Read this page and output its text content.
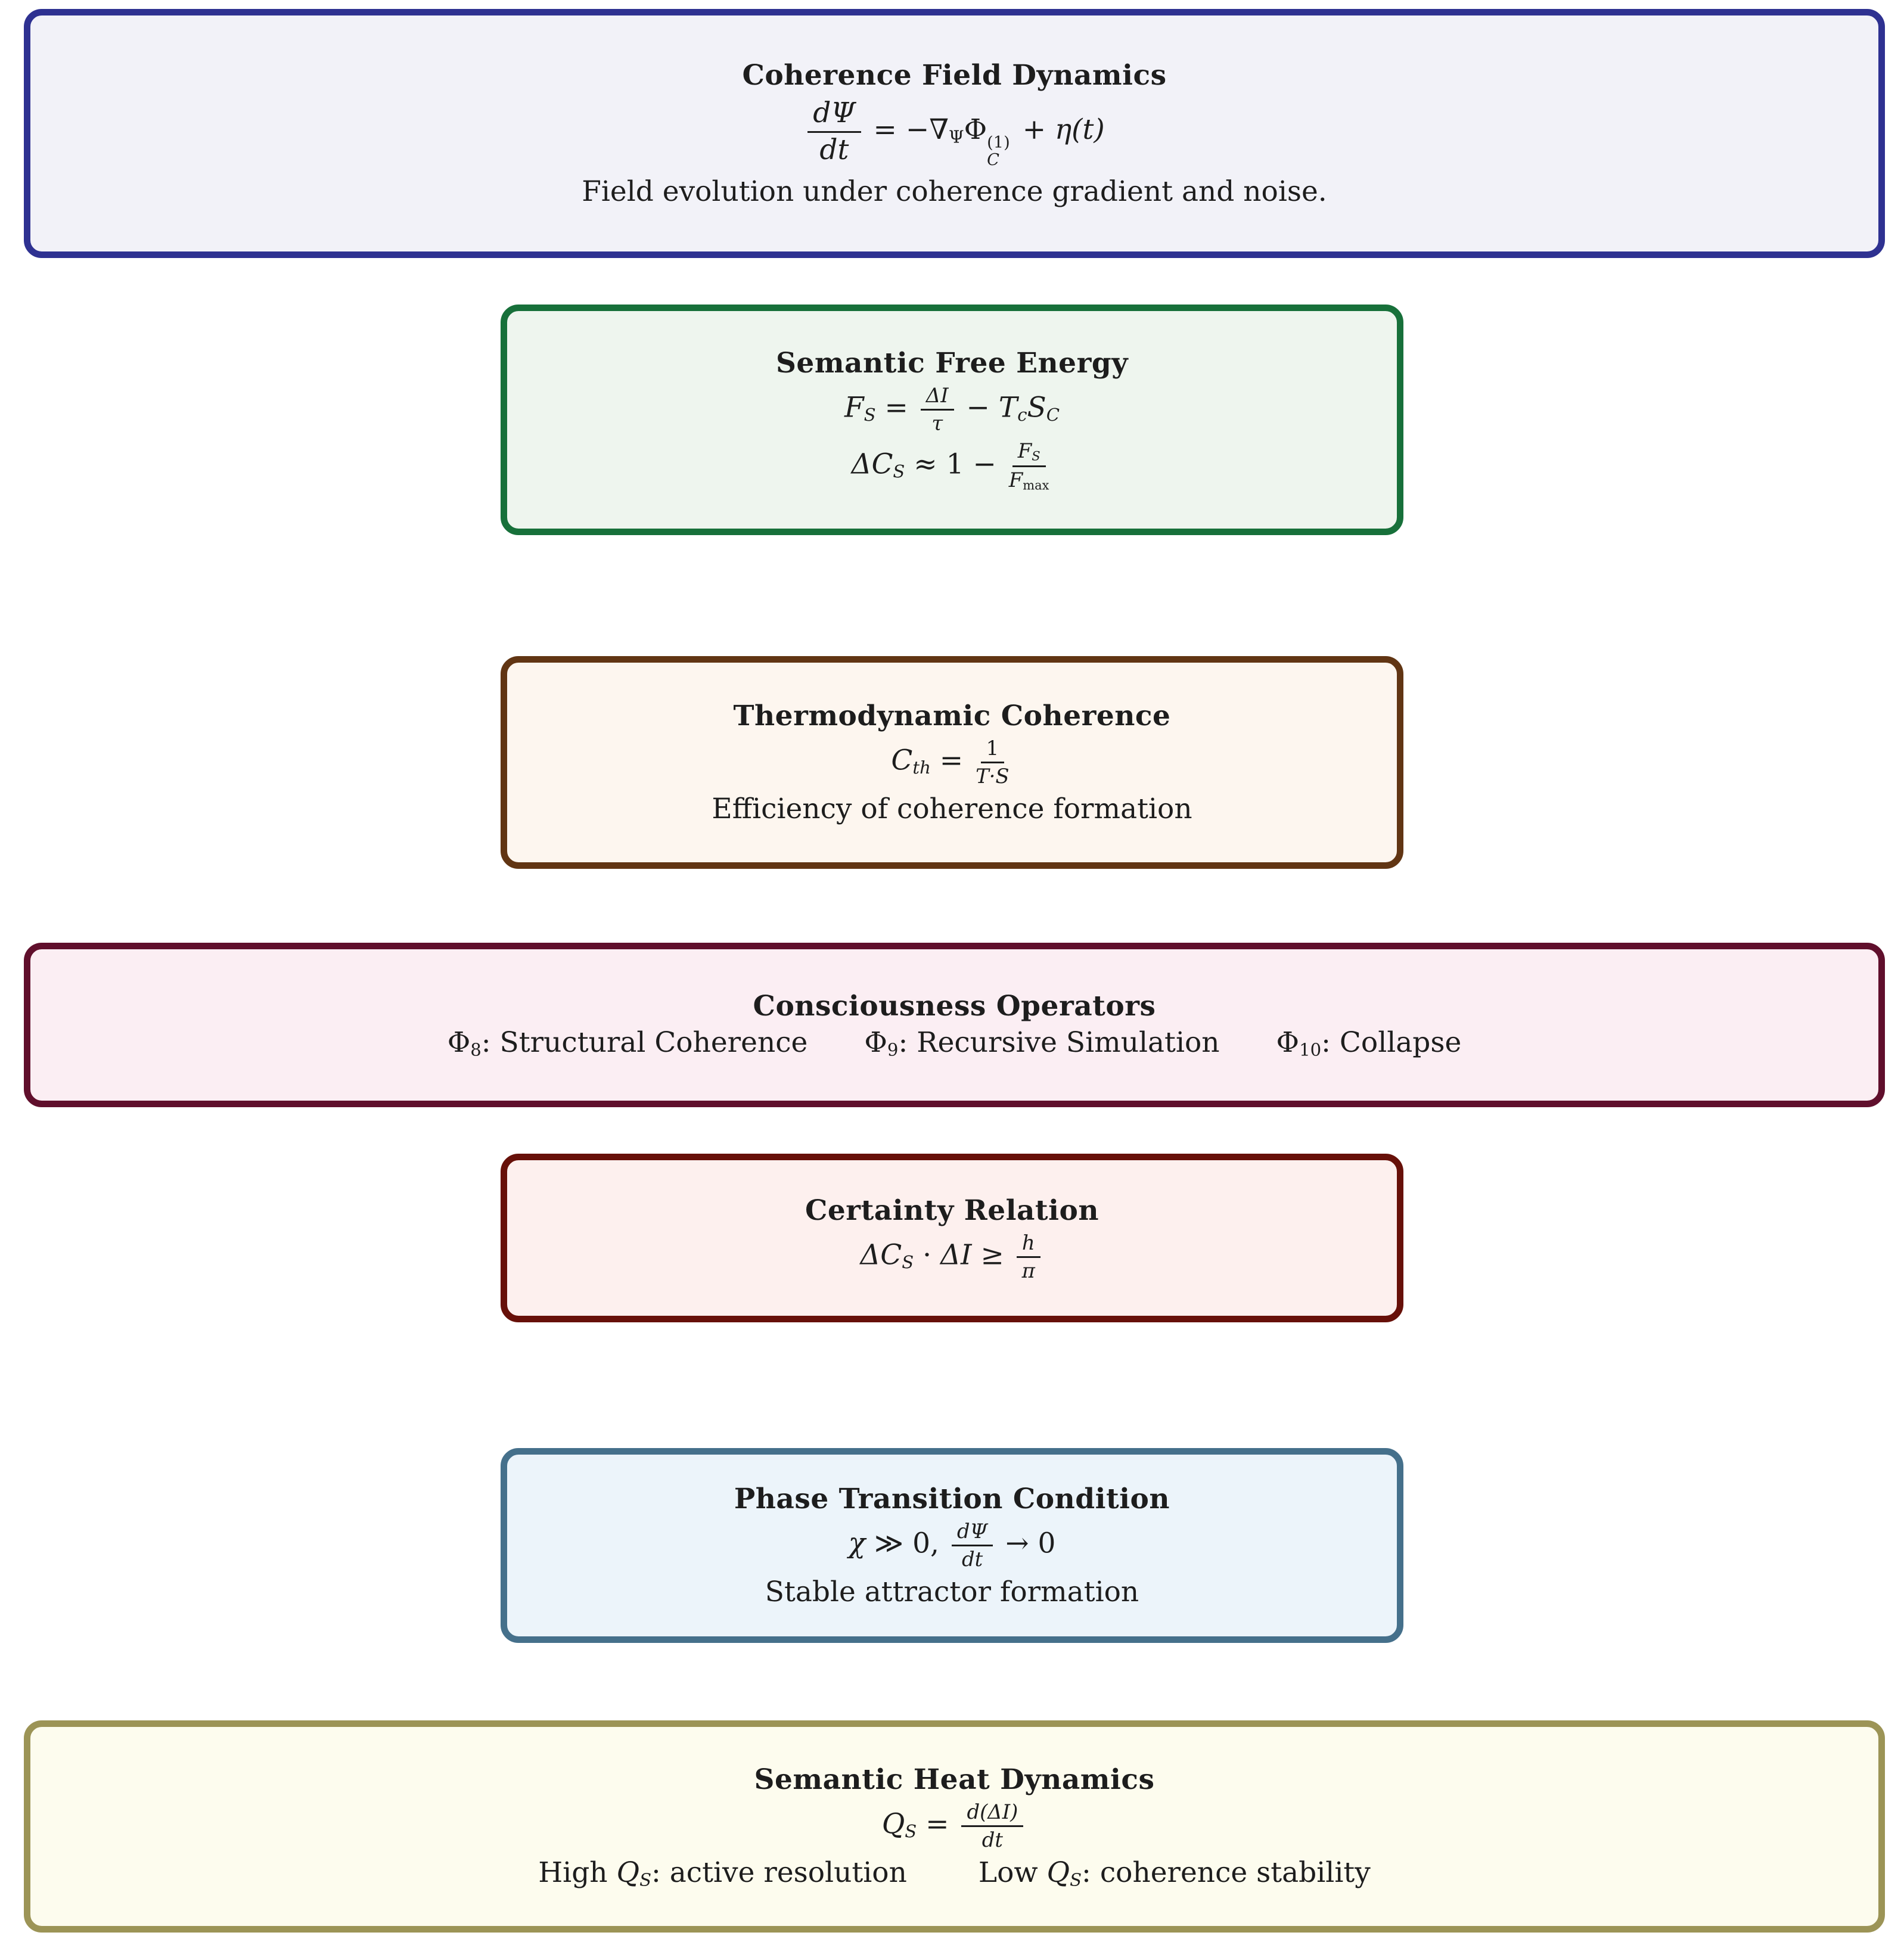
Coherence Field Dynamics
$\frac{d\Psi}{dt} = -\nabla\Psi\Phi$ (1)
C
+ η(t)

Field evolution under coherence gradient and noise.

Semantic Free Energy
FS = $\frac{\Delta I}{\tau}$ − TcSC
$\Delta CS \approx 1 - \frac{FS}{Fmax}$
Thermodynamic Coherence
Cth = $\frac{1}{T\cdot S}$

Efficiency of coherence formation

Consciousness Operators
Φ8: Structural Coherence Φ9: Recursive Simulation Φ10: Collapse
Certainty Relation
$\Delta CS \cdot \Delta I \ge \frac{h}{\pi}$
Phase Transition Condition
χ ≫ 0, $\frac{d\Psi}{dt} \to 0$

Stable attractor formation

Semantic Heat Dynamics
QS = $\frac{d(\Delta I)}{dt}$
High QS: active resolution	Low QS: coherence stability
